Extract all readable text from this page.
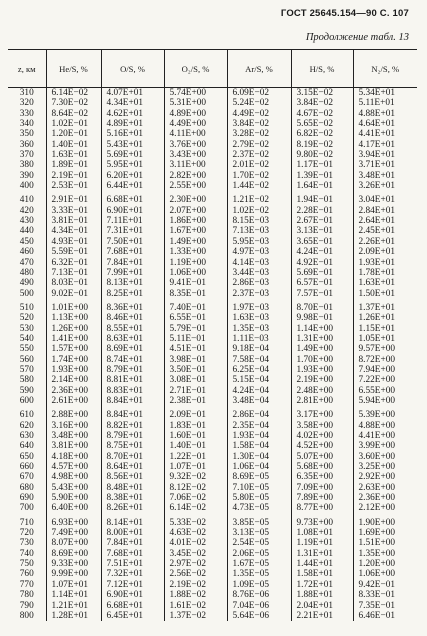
ГОСТ 25645.154—90 С. 107
Продолжение табл. 13
z, км	He/S, %	O/S, %	O₂/S, %	Ar/S, %	H/S, %	N₂/S, %
310	6.14E−02	4.07E+01	5.74E+00	6.09E−02	3.15E−02	5.34E+01
320	7.30E−02	4.34E+01	5.31E+00	5.24E−02	3.84E−02	5.11E+01
330	8.64E−02	4.62E+01	4.89E+00	4.49E−02	4.67E−02	4.88E+01
340	1.02E−01	4.89E+01	4.49E+00	3.84E−02	5.65E−02	4.64E+01
350	1.20E−01	5.16E+01	4.11E+00	3.28E−02	6.82E−02	4.41E+01
360	1.40E−01	5.43E+01	3.76E+00	2.79E−02	8.19E−02	4.17E+01
370	1.63E−01	5.69E+01	3.43E+00	2.37E−02	9.80E−02	3.94E+01
380	1.89E−01	5.95E+01	3.11E+00	2.01E−02	1.17E−01	3.71E+01
390	2.19E−01	6.20E+01	2.82E+00	1.70E−02	1.39E−01	3.48E+01
400	2.53E−01	6.44E+01	2.55E+00	1.44E−02	1.64E−01	3.26E+01

410	2.91E−01	6.68E+01	2.30E+00	1.21E−02	1.94E−01	3.04E+01
420	3.33E−01	6.90E+01	2.07E+00	1.02E−02	2.28E−01	2.84E+01
430	3.81E−01	7.11E+01	1.86E+00	8.15E−03	2.67E−01	2.64E+01
440	4.34E−01	7.31E+01	1.67E+00	7.13E−03	3.13E−01	2.45E+01
450	4.93E−01	7.50E+01	1.49E+00	5.95E−03	3.65E−01	2.26E+01
460	5.59E−01	7.68E+01	1.33E+00	4.97E−03	4.24E−01	2.09E+01
470	6.32E−01	7.84E+01	1.19E+00	4.14E−03	4.92E−01	1.93E+01
480	7.13E−01	7.99E+01	1.06E+00	3.44E−03	5.69E−01	1.78E+01
490	8.03E−01	8.13E+01	9.41E−01	2.86E−03	6.57E−01	1.63E+01
500	9.02E−01	8.25E+01	8.35E−01	2.37E−03	7.57E−01	1.50E+01

510	1.01E+00	8.36E+01	7.40E−01	1.97E−03	8.70E−01	1.37E+01
520	1.13E+00	8.46E+01	6.55E−01	1.63E−03	9.98E−01	1.26E+01
530	1.26E+00	8.55E+01	5.79E−01	1.35E−03	1.14E+00	1.15E+01
540	1.41E+00	8.63E+01	5.11E−01	1.11E−03	1.31E+00	1.05E+01
550	1.57E+00	8.69E+01	4.51E−01	9.18E−04	1.49E+00	9.57E+00
560	1.74E+00	8.74E+01	3.98E−01	7.58E−04	1.70E+00	8.72E+00
570	1.93E+00	8.79E+01	3.50E−01	6.25E−04	1.93E+00	7.94E+00
580	2.14E+00	8.81E+01	3.08E−01	5.15E−04	2.19E+00	7.22E+00
590	2.36E+00	8.83E+01	2.71E−01	4.24E−04	2.48E+00	6.55E+00
600	2.61E+00	8.84E+01	2.38E−01	3.48E−04	2.81E+00	5.94E+00

610	2.88E+00	8.84E+01	2.09E−01	2.86E−04	3.17E+00	5.39E+00
620	3.16E+00	8.82E+01	1.83E−01	2.35E−04	3.58E+00	4.88E+00
630	3.48E+00	8.79E+01	1.60E−01	1.93E−04	4.02E+00	4.41E+00
640	3.81E+00	8.75E+01	1.40E−01	1.58E−04	4.52E+00	3.99E+00
650	4.18E+00	8.70E+01	1.22E−01	1.30E−04	5.07E+00	3.60E+00
660	4.57E+00	8.64E+01	1.07E−01	1.06E−04	5.68E+00	3.25E+00
670	4.98E+00	8.56E+01	9.32E−02	8.69E−05	6.35E+00	2.92E+00
680	5.43E+00	8.48E+01	8.12E−02	7.10E−05	7.09E+00	2.63E+00
690	5.90E+00	8.38E+01	7.06E−02	5.80E−05	7.89E+00	2.36E+00
700	6.40E+00	8.26E+01	6.14E−02	4.73E−05	8.77E+00	2.12E+00

710	6.93E+00	8.14E+01	5.33E−02	3.85E−05	9.73E+00	1.90E+00
720	7.49E+00	8.00E+01	4.63E−02	3.13E−05	1.08E+01	1.69E+00
730	8.07E+00	7.84E+01	4.01E−02	2.54E−05	1.19E+01	1.51E+00
740	8.69E+00	7.68E+01	3.45E−02	2.06E−05	1.31E+01	1.35E+00
750	9.33E+00	7.51E+01	2.97E−02	1.67E−05	1.44E+01	1.20E+00
760	9.99E+00	7.32E+01	2.56E−02	1.35E−05	1.58E+01	1.06E+00
770	1.07E+01	7.12E+01	2.19E−02	1.09E−05	1.72E+01	9.42E−01
780	1.14E+01	6.90E+01	1.88E−02	8.76E−06	1.88E+01	8.33E−01
790	1.21E+01	6.68E+01	1.61E−02	7.04E−06	2.04E+01	7.35E−01
800	1.28E+01	6.45E+01	1.37E−02	5.64E−06	2.21E+01	6.46E−01
